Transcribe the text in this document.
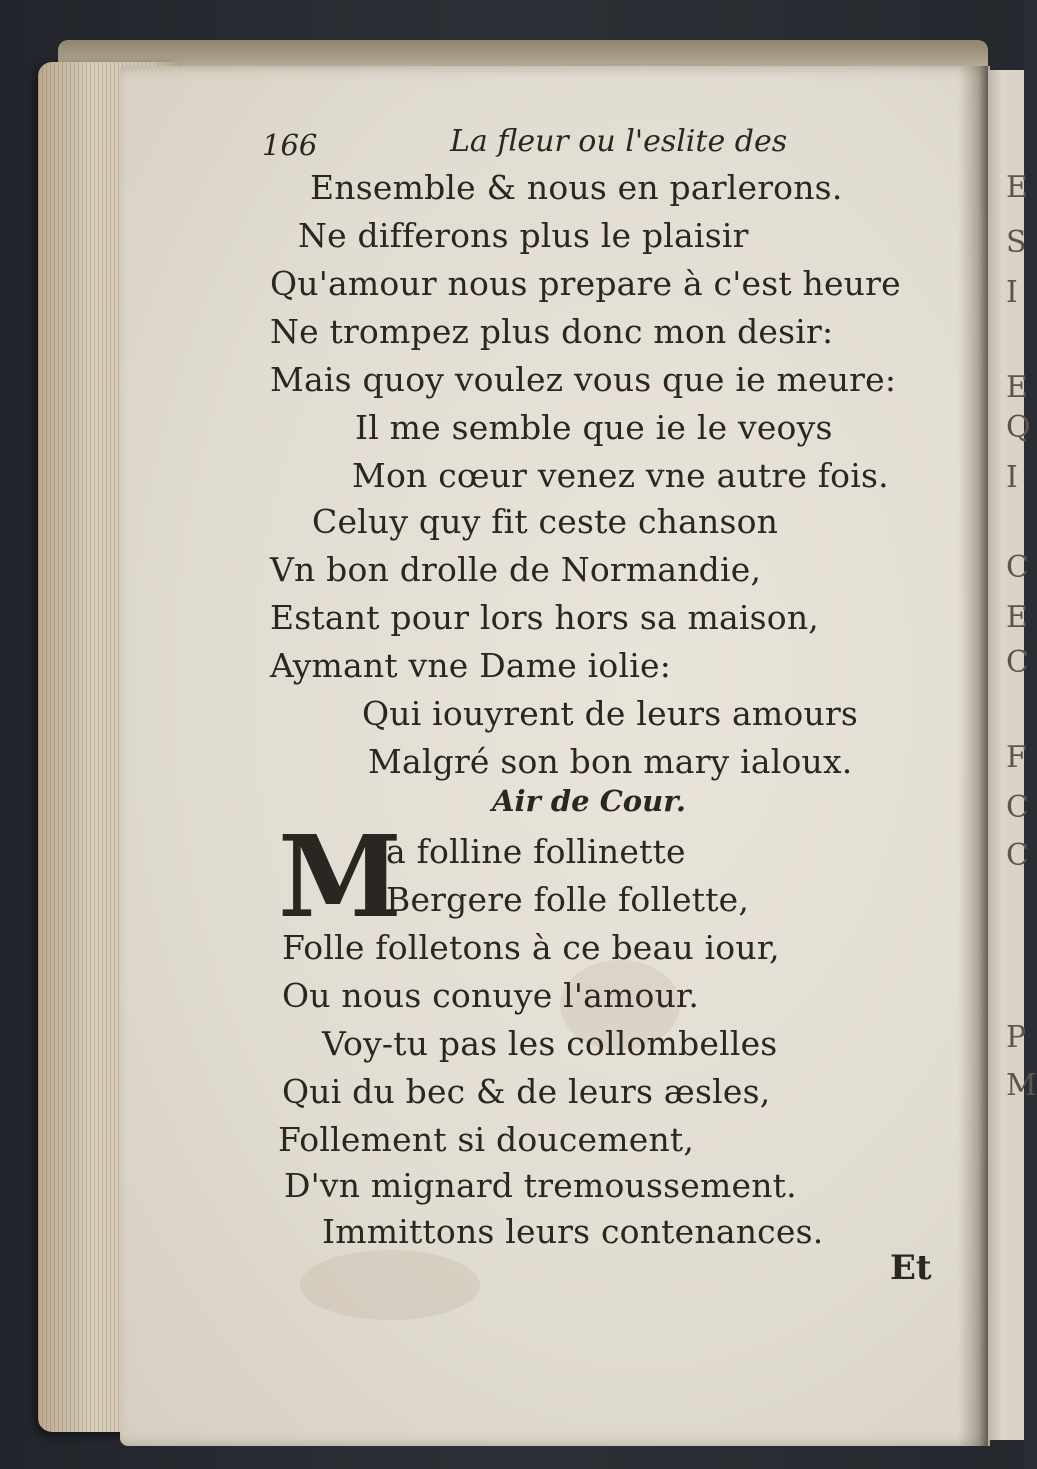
E
S
I
E
Q
I
C
E
C
F
C
C
P
M
166	La fleur ou l'eslite des
Ensemble & nous en parlerons.
Ne differons plus le plaisir
Qu'amour nous prepare à c'est heure
Ne trompez plus donc mon desir:
Mais quoy voulez vous que ie meure:
Il me semble que ie le veoys
Mon cœur venez vne autre fois.
Celuy quy fit ceste chanson
Vn bon drolle de Normandie,
Estant pour lors hors sa maison,
Aymant vne Dame iolie:
Qui iouyrent de leurs amours
Malgré son bon mary ialoux.
Air de Cour.
M
a folline follinette
Bergere folle follette,
Folle folletons à ce beau iour,
Ou nous conuye l'amour.
Voy-tu pas les collombelles
Qui du bec & de leurs æsles,
Follement si doucement,
D'vn mignard tremoussement.
Immittons leurs contenances.
Et
